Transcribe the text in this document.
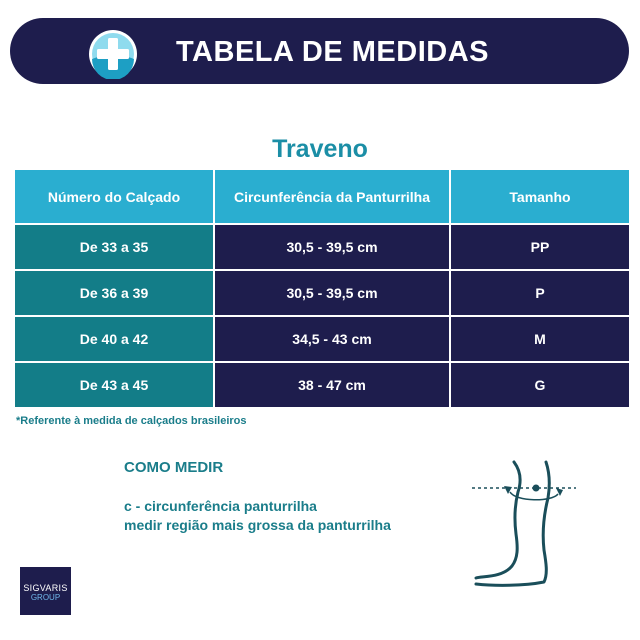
TABELA DE MEDIDAS
Traveno
Número do Calçado	Circunferência da Panturrilha	Tamanho
De 33 a 35	30,5 - 39,5 cm	PP
De 36 a 39	30,5 - 39,5 cm	P
De 40 a 42	34,5 - 43 cm	M
De 43 a 45	38 - 47 cm	G
*Referente à medida de calçados brasileiros
COMO MEDIR
c - circunferência panturrilha
medir região mais grossa da panturrilha
SIGVARIS
GROUP
